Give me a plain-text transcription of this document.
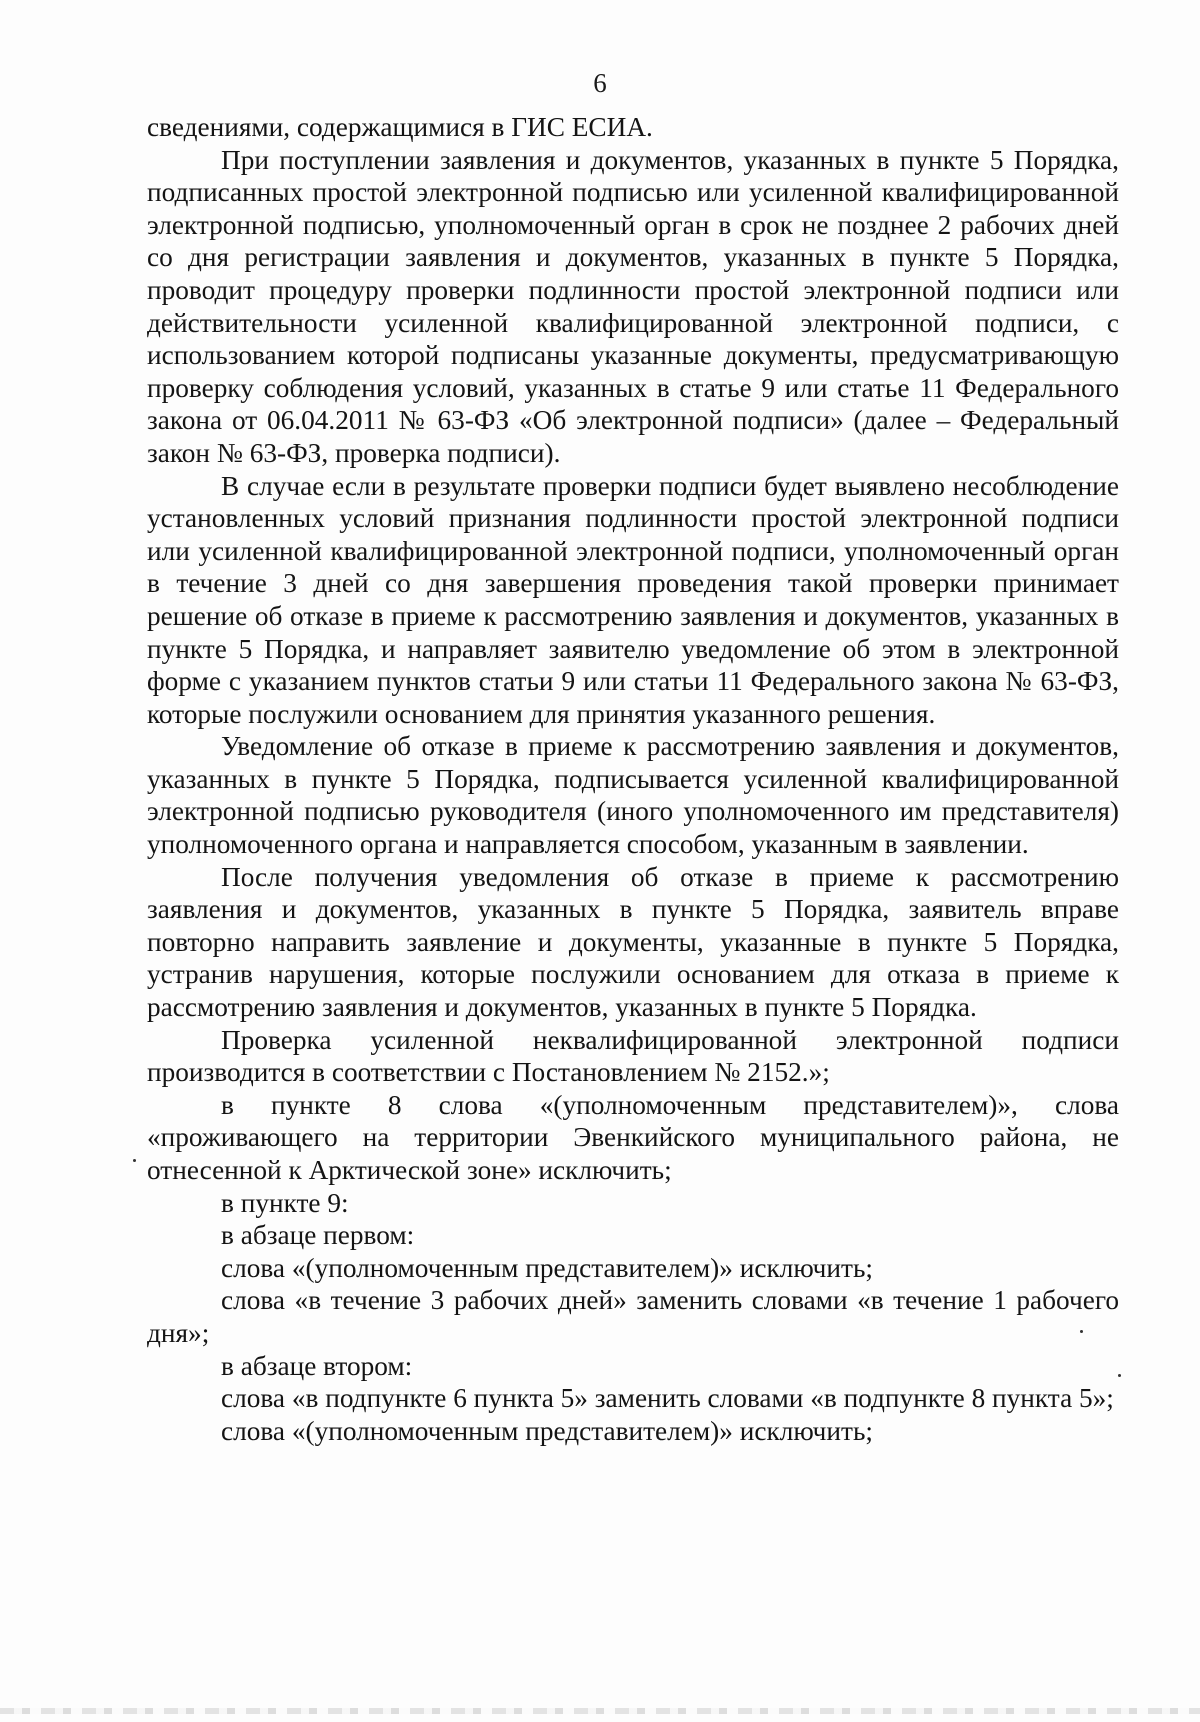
6

сведениями, содержащимися в ГИС ЕСИА.

При поступлении заявления и документов, указанных в пункте 5 Порядка, подписанных простой электронной подписью или усиленной квалифицированной электронной подписью, уполномоченный орган в срок не позднее 2 рабочих дней со дня регистрации заявления и документов, указанных в пункте 5 Порядка, проводит процедуру проверки подлинности простой электронной подписи или действительности усиленной квалифицированной электронной подписи, с использованием которой подписаны указанные документы, предусматривающую проверку соблюдения условий, указанных в статье 9 или статье 11 Федерального закона от 06.04.2011 № 63-ФЗ «Об электронной подписи» (далее – Федеральный закон № 63-ФЗ, проверка подписи).

В случае если в результате проверки подписи будет выявлено несоблюдение установленных условий признания подлинности простой электронной подписи или усиленной квалифицированной электронной подписи, уполномоченный орган в течение 3 дней со дня завершения проведения такой проверки принимает решение об отказе в приеме к рассмотрению заявления и документов, указанных в пункте 5 Порядка, и направляет заявителю уведомление об этом в электронной форме с указанием пунктов статьи 9 или статьи 11 Федерального закона № 63-ФЗ, которые послужили основанием для принятия указанного решения.

Уведомление об отказе в приеме к рассмотрению заявления и документов, указанных в пункте 5 Порядка, подписывается усиленной квалифицированной электронной подписью руководителя (иного уполномоченного им представителя) уполномоченного органа и направляется способом, указанным в заявлении.

После получения уведомления об отказе в приеме к рассмотрению заявления и документов, указанных в пункте 5 Порядка, заявитель вправе повторно направить заявление и документы, указанные в пункте 5 Порядка, устранив нарушения, которые послужили основанием для отказа в приеме к рассмотрению заявления и документов, указанных в пункте 5 Порядка.

Проверка усиленной неквалифицированной электронной подписи производится в соответствии с Постановлением № 2152.»;

в пункте 8 слова «(уполномоченным представителем)», слова «проживающего на территории Эвенкийского муниципального района, не отнесенной к Арктической зоне» исключить;

в пункте 9:

в абзаце первом:

слова «(уполномоченным представителем)» исключить;

слова «в течение 3 рабочих дней» заменить словами «в течение 1 рабочего дня»;

в абзаце втором:

слова «в подпункте 6 пункта 5» заменить словами «в подпункте 8 пункта 5»;

слова «(уполномоченным представителем)» исключить;
